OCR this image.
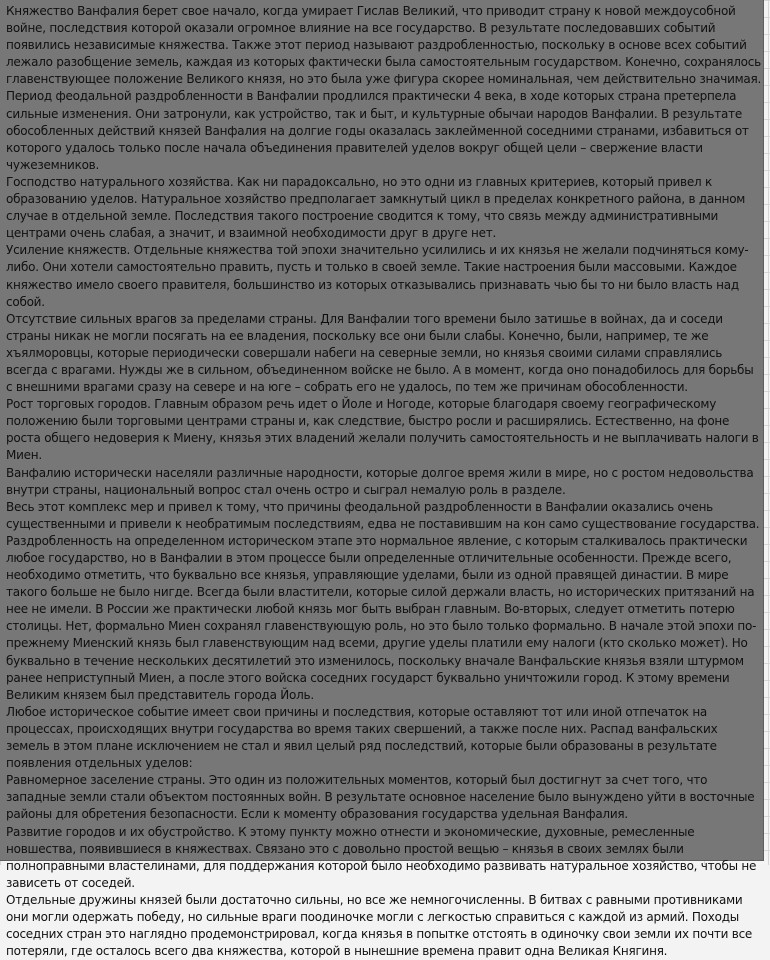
Княжество Ванфалия берет свое начало, когда умирает Гислав Великий, что приводит страну к новой междоусобной войне, последствия которой оказали огромное влияние на все государство. В результате последовавших событий появились независимые княжества. Также этот период называют раздробленностью, поскольку в основе всех событий лежало разобщение земель, каждая из которых фактически была самостоятельным государством. Конечно, сохранялось главенствующее положение Великого князя, но это была уже фигура скорее номинальная, чем действительно значимая.

Период феодальной раздробленности в Ванфалии продлился практически 4 века, в ходе которых страна претерпела сильные изменения. Они затронули, как устройство, так и быт, и культурные обычаи народов Ванфалии. В результате обособленных действий князей Ванфалия на долгие годы оказалась заклейменной соседними странами, избавиться от которого удалось только после начала объединения правителей уделов вокруг общей цели – свержение власти чужеземников.

Господство натурального хозяйства. Как ни парадоксально, но это одни из главных критериев, который привел к образованию уделов. Натуральное хозяйство предполагает замкнутый цикл в пределах конкретного района, в данном случае в отдельной земле. Последствия такого построение сводится к тому, что связь между административными центрами очень слабая, а значит, и взаимной необходимости друг в друге нет.

Усиление княжеств. Отдельные княжества той эпохи значительно усилились и их князья не желали подчиняться кому-либо. Они хотели самостоятельно править, пусть и только в своей земле. Такие настроения были массовыми. Каждое княжество имело своего правителя, большинство из которых отказывались признавать чью бы то ни было власть над собой.

Отсутствие сильных врагов за пределами страны. Для Ванфалии того времени было затишье в войнах, да и соседи страны никак не могли посягать на ее владения, поскольку все они были слабы. Конечно, были, например, те же хъялморовцы, которые периодически совершали набеги на северные земли, но князья своими силами справлялись всегда с врагами. Нужды же в сильном, объединенном войске не было. А в момент, когда оно понадобилось для борьбы с внешними врагами сразу на севере и на юге – собрать его не удалось, по тем же причинам обособленности.

Рост торговых городов. Главным образом речь идет о Йоле и Ногоде, которые благодаря своему географическому положению были торговыми центрами страны и, как следствие, быстро росли и расширялись. Естественно, на фоне роста общего недоверия к Миену, князья этих владений желали получить самостоятельность и не выплачивать налоги в Миен.

Ванфалию исторически населяли различные народности, которые долгое время жили в мире, но с ростом недовольства внутри страны, национальный вопрос стал очень остро и сыграл немалую роль в разделе.

Весь этот комплекс мер и привел к тому, что причины феодальной раздробленности в Ванфалии оказались очень существенными и привели к необратимым последствиям, едва не поставившим на кон само существование государства.

Раздробленность на определенном историческом этапе это нормальное явление, с которым сталкивалось практически любое государство, но в Ванфалии в этом процессе были определенные отличительные особенности. Прежде всего, необходимо отметить, что буквально все князья, управляющие уделами, были из одной правящей династии. В мире такого больше не было нигде. Всегда были властители, которые силой держали власть, но исторических притязаний на нее не имели. В России же практически любой князь мог быть выбран главным. Во-вторых, следует отметить потерю столицы. Нет, формально Миен сохранял главенствующую роль, но это было только формально. В начале этой эпохи по-прежнему Миенский князь был главенствующим над всеми, другие уделы платили ему налоги (кто сколько может). Но буквально в течение нескольких десятилетий это изменилось, поскольку вначале Ванфальские князья взяли штурмом ранее неприступный Миен, а после этого войска соседних государст буквально уничтожили город. К этому времени Великим князем был представитель города Йоль.

Любое историческое событие имеет свои причины и последствия, которые оставляют тот или иной отпечаток на процессах, происходящих внутри государства во время таких свершений, а также после них. Распад ванфальских земель в этом плане исключением не стал и явил целый ряд последствий, которые были образованы в результате появления отдельных уделов:

Равномерное заселение страны. Это один из положительных моментов, который был достигнут за счет того, что западные земли стали объектом постоянных войн. В результате основное население было вынуждено уйти в восточные районы для обретения безопасности. Если к моменту образования государства удельная Ванфалия.

Развитие городов и их обустройство. К этому пункту можно отнести и экономические, духовные, ремесленные новшества, появившиеся в княжествах. Связано это с довольно простой вещью – князья в своих землях были полноправными властелинами, для поддержания которой было необходимо развивать натуральное хозяйство, чтобы не зависеть от соседей.

Отдельные дружины князей были достаточно сильны, но все же немногочисленны. В битвах с равными противниками они могли одержать победу, но сильные враги поодиночке могли с легкостью справиться с каждой из армий. Походы соседних стран это наглядно продемонстрировал, когда князья в попытке отстоять в одиночку свои земли их почти все потеряли, где осталось всего два княжества, которой в нынешние времена правит одна Великая Княгиня.
